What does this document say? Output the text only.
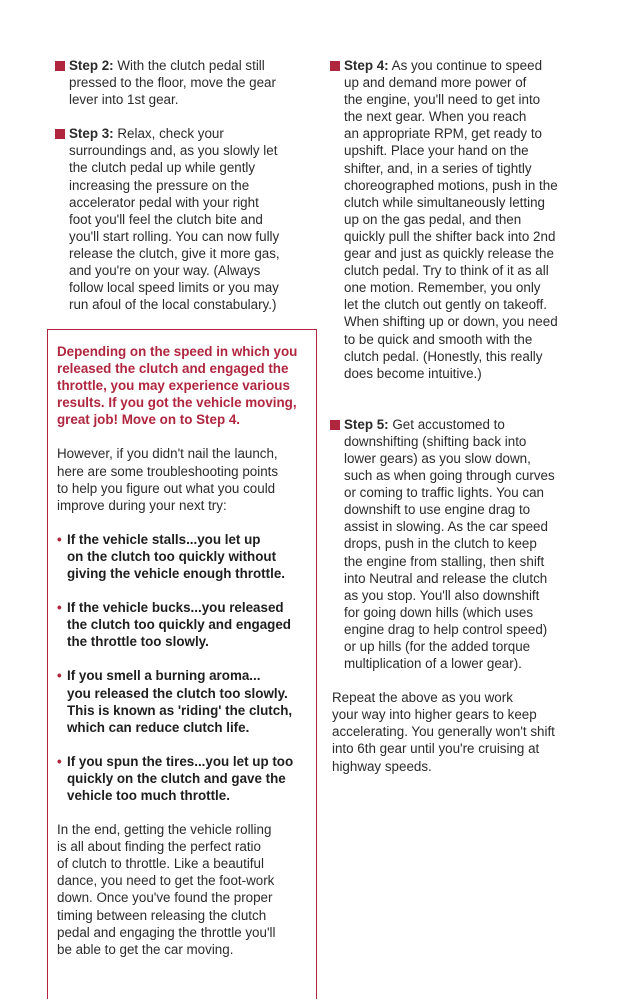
Step 2: With the clutch pedal still
pressed to the floor, move the gear
lever into 1st gear.
Step 3: Relax, check your
surroundings and, as you slowly let
the clutch pedal up while gently
increasing the pressure on the
accelerator pedal with your right
foot you'll feel the clutch bite and
you'll start rolling. You can now fully
release the clutch, give it more gas,
and you're on your way. (Always
follow local speed limits or you may
run afoul of the local constabulary.)
Depending on the speed in which you
released the clutch and engaged the
throttle, you may experience various
results. If you got the vehicle moving,
great job! Move on to Step 4.
However, if you didn't nail the launch,
here are some troubleshooting points
to help you figure out what you could
improve during your next try:
• If the vehicle stalls...you let up
on the clutch too quickly without
giving the vehicle enough throttle.
• If the vehicle bucks...you released
the clutch too quickly and engaged
the throttle too slowly.
• If you smell a burning aroma...
you released the clutch too slowly.
This is known as 'riding' the clutch,
which can reduce clutch life.
• If you spun the tires...you let up too
quickly on the clutch and gave the
vehicle too much throttle.
In the end, getting the vehicle rolling
is all about finding the perfect ratio
of clutch to throttle. Like a beautiful
dance, you need to get the foot-work
down. Once you've found the proper
timing between releasing the clutch
pedal and engaging the throttle you'll
be able to get the car moving.
Step 4: As you continue to speed
up and demand more power of
the engine, you'll need to get into
the next gear. When you reach
an appropriate RPM, get ready to
upshift. Place your hand on the
shifter, and, in a series of tightly
choreographed motions, push in the
clutch while simultaneously letting
up on the gas pedal, and then
quickly pull the shifter back into 2nd
gear and just as quickly release the
clutch pedal. Try to think of it as all
one motion. Remember, you only
let the clutch out gently on takeoff.
When shifting up or down, you need
to be quick and smooth with the
clutch pedal. (Honestly, this really
does become intuitive.)
Step 5: Get accustomed to
downshifting (shifting back into
lower gears) as you slow down,
such as when going through curves
or coming to traffic lights. You can
downshift to use engine drag to
assist in slowing. As the car speed
drops, push in the clutch to keep
the engine from stalling, then shift
into Neutral and release the clutch
as you stop. You'll also downshift
for going down hills (which uses
engine drag to help control speed)
or up hills (for the added torque
multiplication of a lower gear).
Repeat the above as you work
your way into higher gears to keep
accelerating. You generally won't shift
into 6th gear until you're cruising at
highway speeds.
